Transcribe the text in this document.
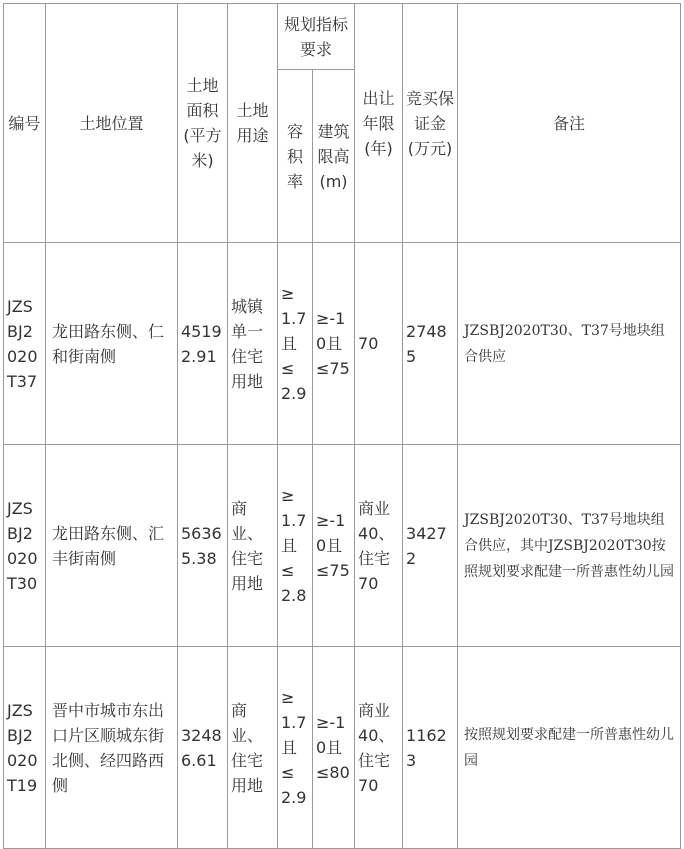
编号	土地位置	土地面积(平方米)	土地用途	规划指标要求		出让年限(年)	竞买保证金(万元)	备注
				容积率	建筑限高(m)			
JZSBJ2020T37	龙田路东侧、仁和街南侧	45192.91	城镇单一住宅用地	≥1.7且≤2.9	≥-10且≤75	70	27485	JZSBJ2020T30、T37号地块组合供应
JZSBJ2020T30	龙田路东侧、汇丰街南侧	56365.38	商业、住宅用地	≥1.7且≤2.8	≥-10且≤75	商业40、住宅70	34272	JZSBJ2020T30、T37号地块组合供应，其中JZSBJ2020T30按照规划要求配建一所普惠性幼儿园
JZSBJ2020T19	晋中市城市东出口片区顺城东街北侧、经四路西侧	32486.61	商业、住宅用地	≥1.7且≤2.9	≥-10且≤80	商业40、住宅70	11623	按照规划要求配建一所普惠性幼儿园
